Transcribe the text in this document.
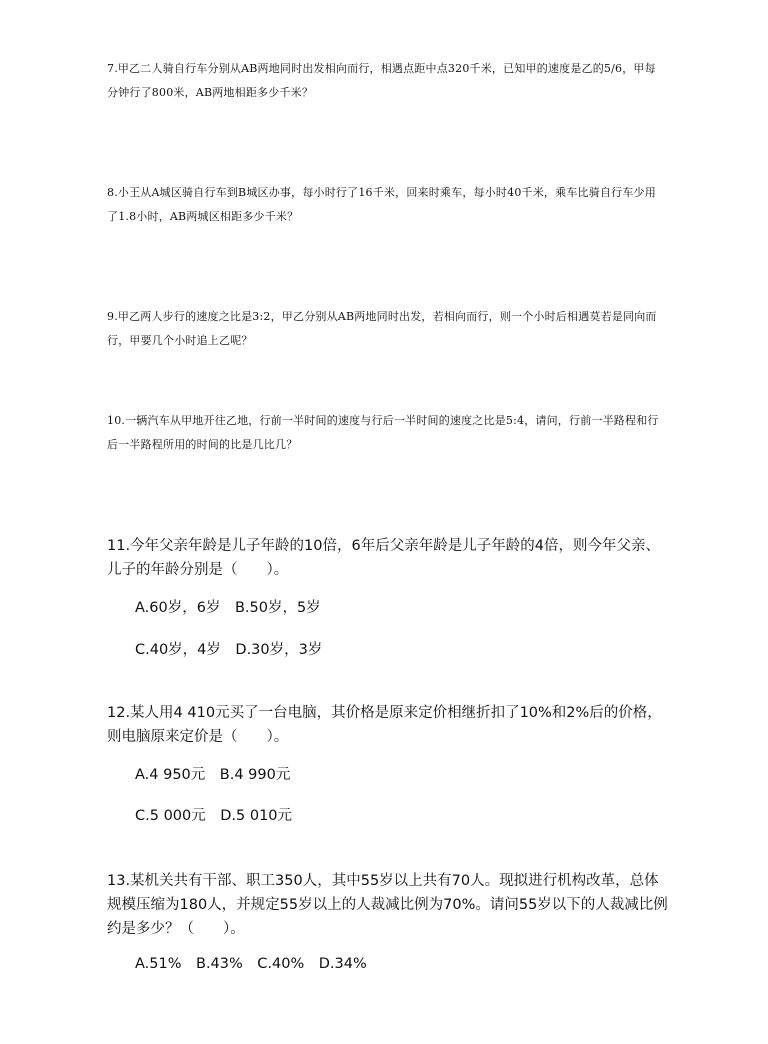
7.甲乙二人骑自行车分别从AB两地同时出发相向而行，相遇点距中点320千米，已知甲的速度是乙的5/6，甲每分钟行了800米，AB两地相距多少千米？

8.小王从A城区骑自行车到B城区办事，每小时行了16千米，回来时乘车，每小时40千米，乘车比骑自行车少用了1.8小时，AB两城区相距多少千米？

9.甲乙两人步行的速度之比是3:2，甲乙分别从AB两地同时出发，若相向而行，则一个小时后相遇莫若是同向而行，甲要几个小时追上乙呢？

10.一辆汽车从甲地开往乙地，行前一半时间的速度与行后一半时间的速度之比是5:4，请问，行前一半路程和行后一半路程所用的时间的比是几比几？

11.今年父亲年龄是儿子年龄的10倍，6年后父亲年龄是儿子年龄的4倍，则今年父亲、儿子的年龄分别是（　　）。

A.60岁，6岁　B.50岁，5岁

C.40岁，4岁　D.30岁，3岁

12.某人用4 410元买了一台电脑，其价格是原来定价相继折扣了10%和2%后的价格，则电脑原来定价是（　　）。

A.4 950元　B.4 990元

C.5 000元　D.5 010元

13.某机关共有干部、职工350人，其中55岁以上共有70人。现拟进行机构改革，总体规模压缩为180人，并规定55岁以上的人裁减比例为70%。请问55岁以下的人裁减比例约是多少？（　　）。

A.51%　B.43%　C.40%　D.34%
